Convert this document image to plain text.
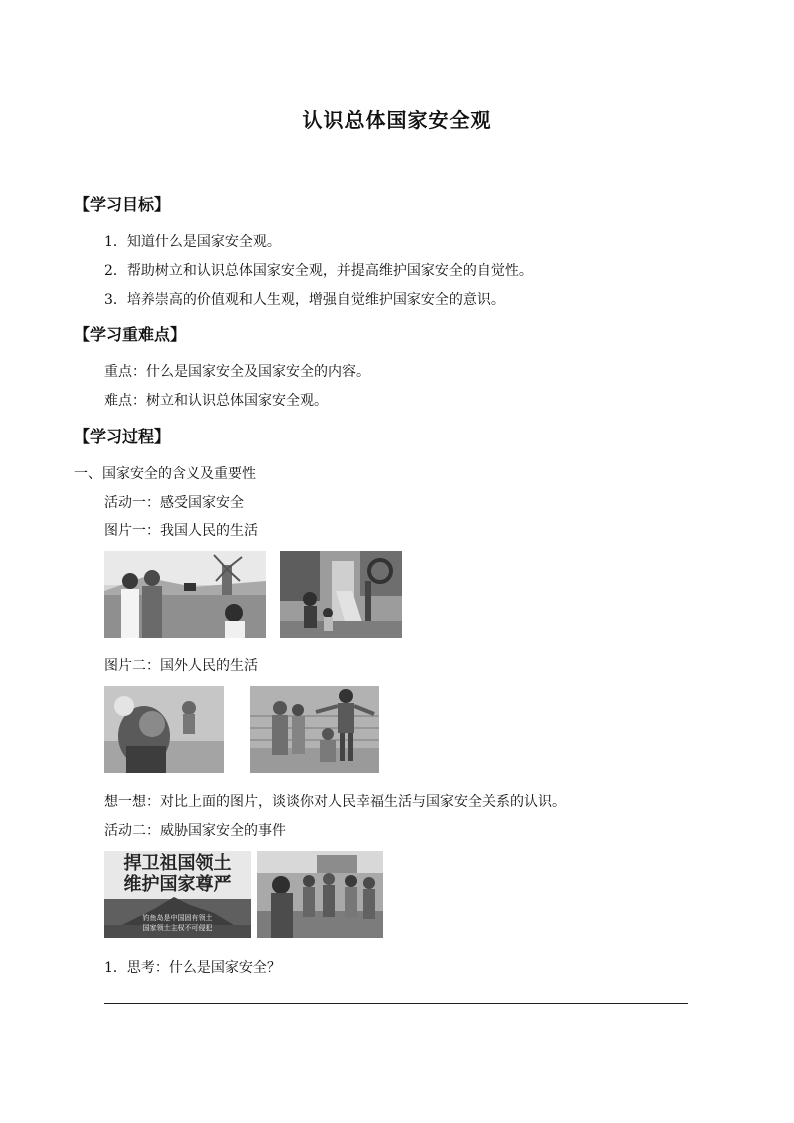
认识总体国家安全观
【学习目标】
1．知道什么是国家安全观。
2．帮助树立和认识总体国家安全观，并提高维护国家安全的自觉性。
3．培养崇高的价值观和人生观，增强自觉维护国家安全的意识。
【学习重难点】
重点：什么是国家安全及国家安全的内容。
难点：树立和认识总体国家安全观。
【学习过程】
一、国家安全的含义及重要性
活动一：感受国家安全
图片一：我国人民的生活
图片二：国外人民的生活
想一想：对比上面的图片，谈谈你对人民幸福生活与国家安全关系的认识。
活动二：威胁国家安全的事件
捍卫祖国领土
维护国家尊严
钓鱼岛是中国固有领土
国家领土主权不可侵犯
1．思考：什么是国家安全？
